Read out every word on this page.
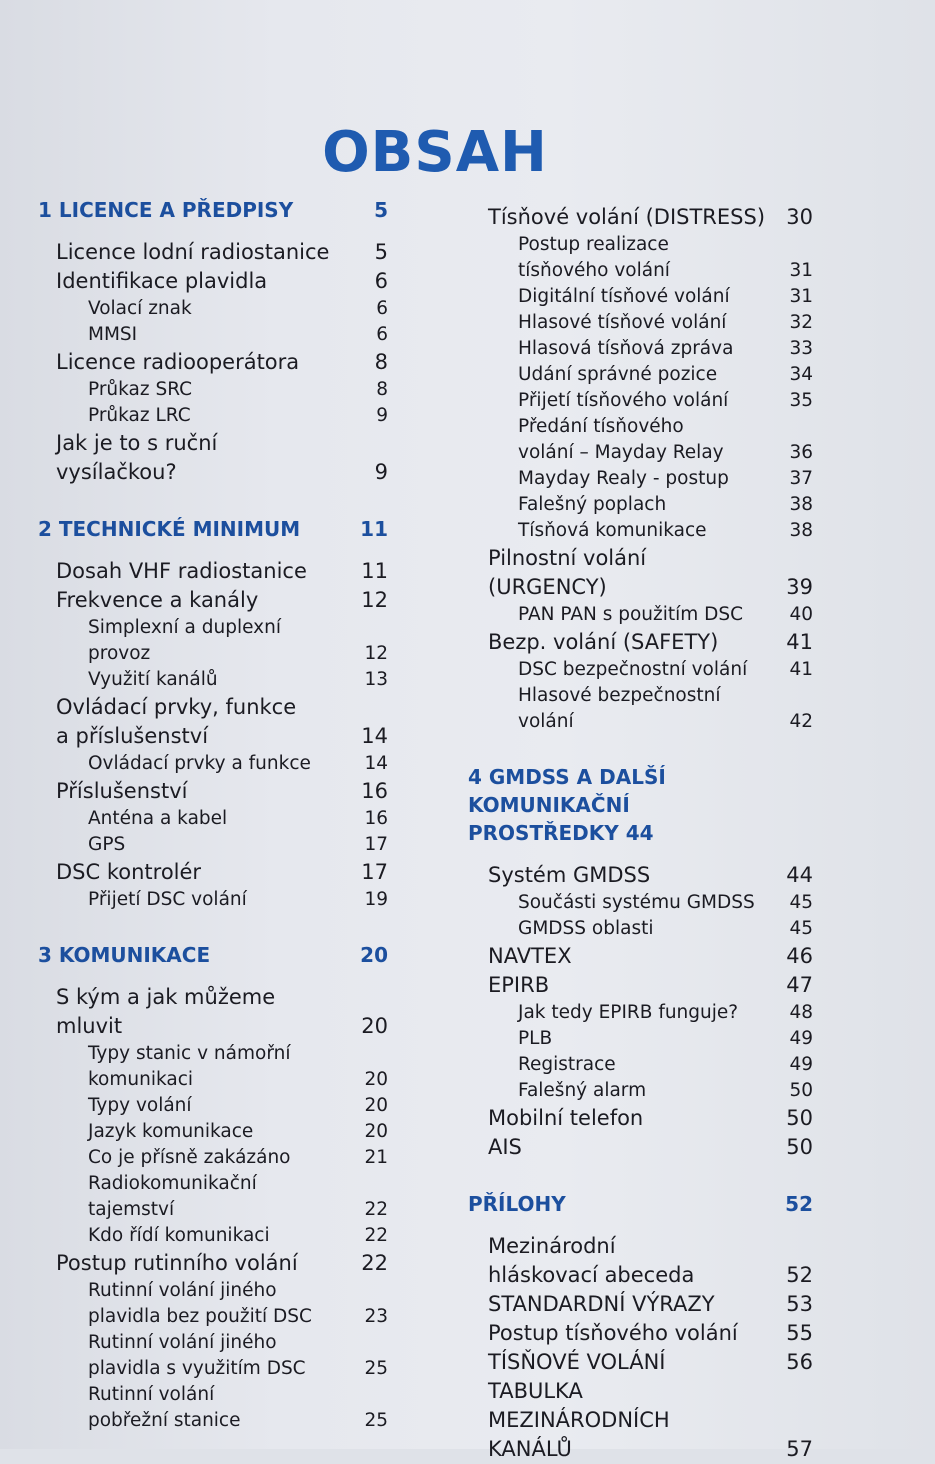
OBSAH
1 LICENCE A PŘEDPISY	5
Licence lodní radiostanice	5
Identifikace plavidla	6
Volací znak	6
MMSI	6
Licence radiooperátora	8
Průkaz SRC	8
Průkaz LRC	9
Jak je to s ruční vysílačkou?	9
2 TECHNICKÉ MINIMUM	11
Dosah VHF radiostanice	11
Frekvence a kanály	12
Simplexní a duplexní provoz	12
Využití kanálů	13
Ovládací prvky, funkce
a příslušenství	14
Ovládací prvky a funkce	14
Příslušenství	16
Anténa a kabel	16
GPS	17
DSC kontrolér	17
Přijetí DSC volání	19
3 KOMUNIKACE	20
S kým a jak můžeme mluvit	20
Typy stanic v námořní
komunikaci	20
Typy volání	20
Jazyk komunikace	20
Co je přísně zakázáno	21
Radiokomunikační tajemství	22
Kdo řídí komunikaci	22
Postup rutinního volání	22
Rutinní volání jiného
plavidla bez použití DSC	23
Rutinní volání jiného
plavidla s využitím DSC	25
Rutinní volání
pobřežní stanice	25
Tísňové volání (DISTRESS) 30
Postup realizace
tísňového volání	31
Digitální tísňové volání	31
Hlasové tísňové volání	32
Hlasová tísňová zpráva	33
Udání správné pozice	34
Přijetí tísňového volání	35
Předání tísňového
volání – Mayday Relay	36
Mayday Realy - postup	37
Falešný poplach	38
Tísňová komunikace	38
Pilnostní volání (URGENCY)	39
PAN PAN s použitím DSC	40
Bezp. volání (SAFETY)	41
DSC bezpečnostní volání	41
Hlasové bezpečnostní volání	42
4 GMDSS A DALŠÍ KOMUNIKAČNÍ
PROSTŘEDKY 44
Systém GMDSS	44
Součásti systému GMDSS	45
GMDSS oblasti	45
NAVTEX	46
EPIRB	47
Jak tedy EPIRB funguje?	48
PLB	49
Registrace	49
Falešný alarm	50
Mobilní telefon	50
AIS	50
PŘÍLOHY	52
Mezinárodní
hláskovací abeceda	52
STANDARDNÍ VÝRAZY	53
Postup tísňového volání	55
TÍSŇOVÉ VOLÁNÍ	56
TABULKA MEZINÁRODNÍCH
KANÁLŮ	57
